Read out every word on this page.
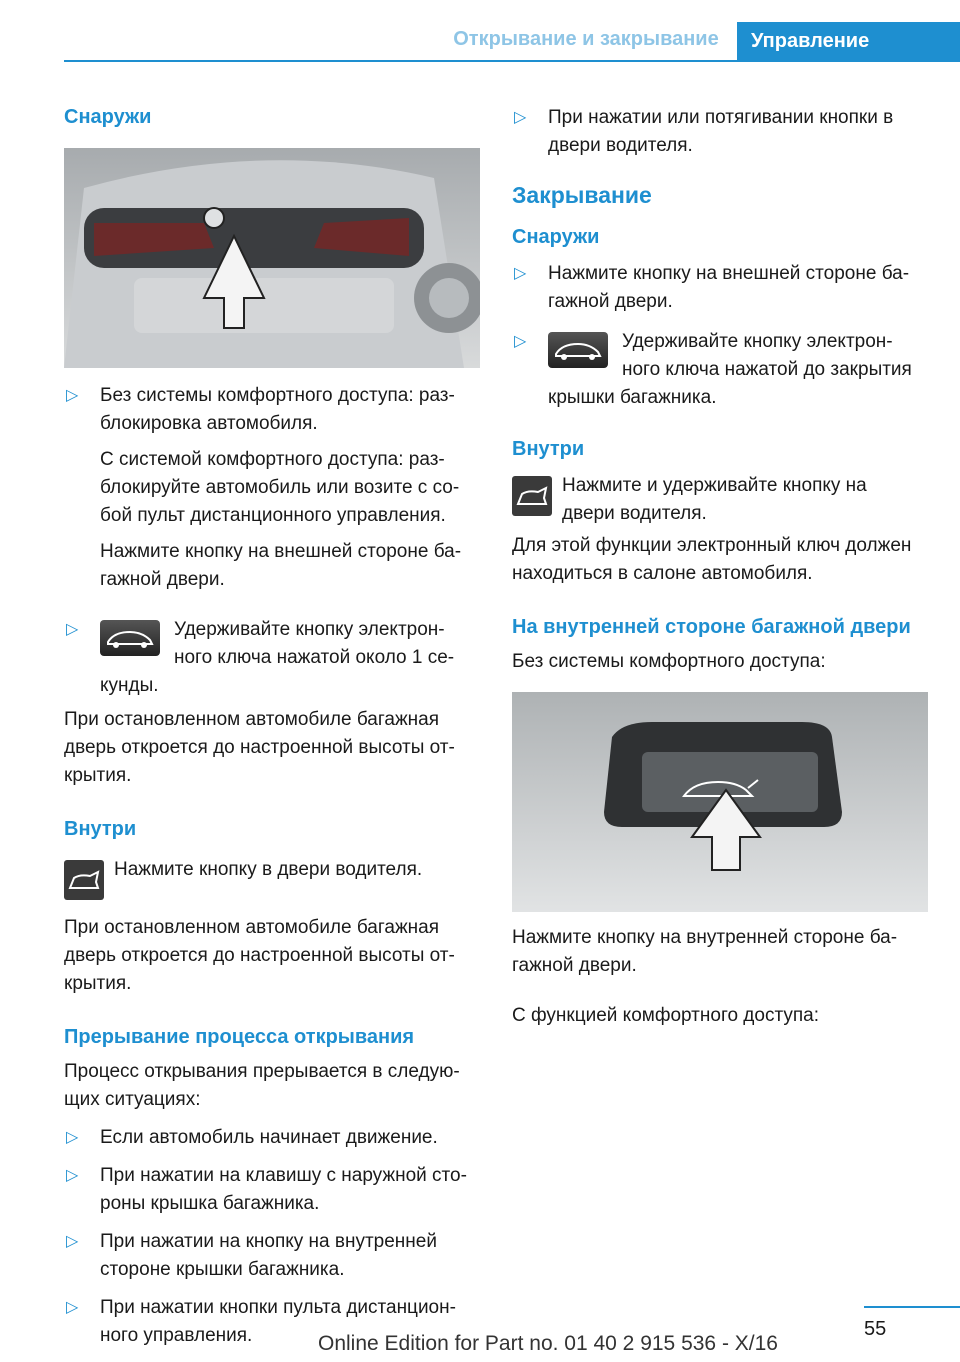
Открывание и закрывание	Управление
Снаружи

▷ Без системы комфортного доступа: раз-
блокировка автомобиля.

С системой комфортного доступа: раз-
блокируйте автомобиль или возите с со-
бой пульт дистанционного управления.

Нажмите кнопку на внешней стороне ба-
гажной двери.

▷	Удерживайте кнопку электрон-
ного ключа нажатой около 1 се-
кунды.

При остановленном автомобиле багажная
дверь откроется до настроенной высоты от-
крытия.

Внутри
Нажмите кнопку в двери водителя.

При остановленном автомобиле багажная
дверь откроется до настроенной высоты от-
крытия.

Прерывание процесса открывания

Процесс открывания прерывается в следую-
щих ситуациях:

▷ Если автомобиль начинает движение.

▷ При нажатии на клавишу с наружной сто-
роны крышка багажника.

▷ При нажатии на кнопку на внутренней
стороне крышки багажника.

▷ При нажатии кнопки пульта дистанцион-
ного управления.

▷ При нажатии или потягивании кнопки в
двери водителя.

Закрывание
Снаружи

▷ Нажмите кнопку на внешней стороне ба-
гажной двери.

▷	Удерживайте кнопку электрон-
ного ключа нажатой до закрытия
крышки багажника.
Внутри
Нажмите и удерживайте кнопку на
двери водителя.

Для этой функции электронный ключ должен
находиться в салоне автомобиля.

На внутренней стороне багажной двери

Без системы комфортного доступа:

Нажмите кнопку на внутренней стороне ба-
гажной двери.

С функцией комфортного доступа:

55
Online Edition for Part no. 01 40 2 915 536 - X/16
